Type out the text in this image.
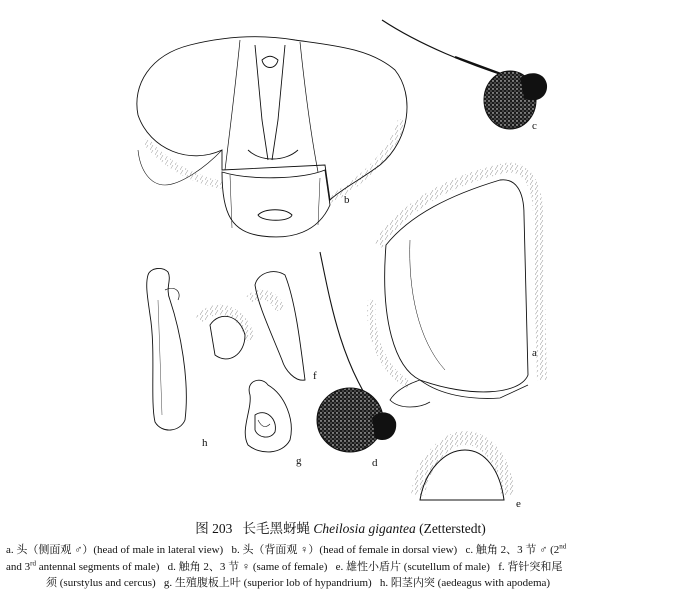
b
c
a
d
e
f
g
h

图 203 长毛黑蚜蝇 Cheilosia gigantea (Zetterstedt)

a. 头（侧面观 ♂）(head of male in lateral view) b. 头（背面观 ♀）(head of female in dorsal view) c. 触角 2、3 节 ♂ (2nd
and 3rd antennal segments of male) d. 触角 2、3 节 ♀ (same of female) e. 雄性小盾片 (scutellum of male) f. 背针突和尾
须 (surstylus and cercus) g. 生殖腹板上叶 (superior lob of hypandrium) h. 阳茎内突 (aedeagus with apodema)
